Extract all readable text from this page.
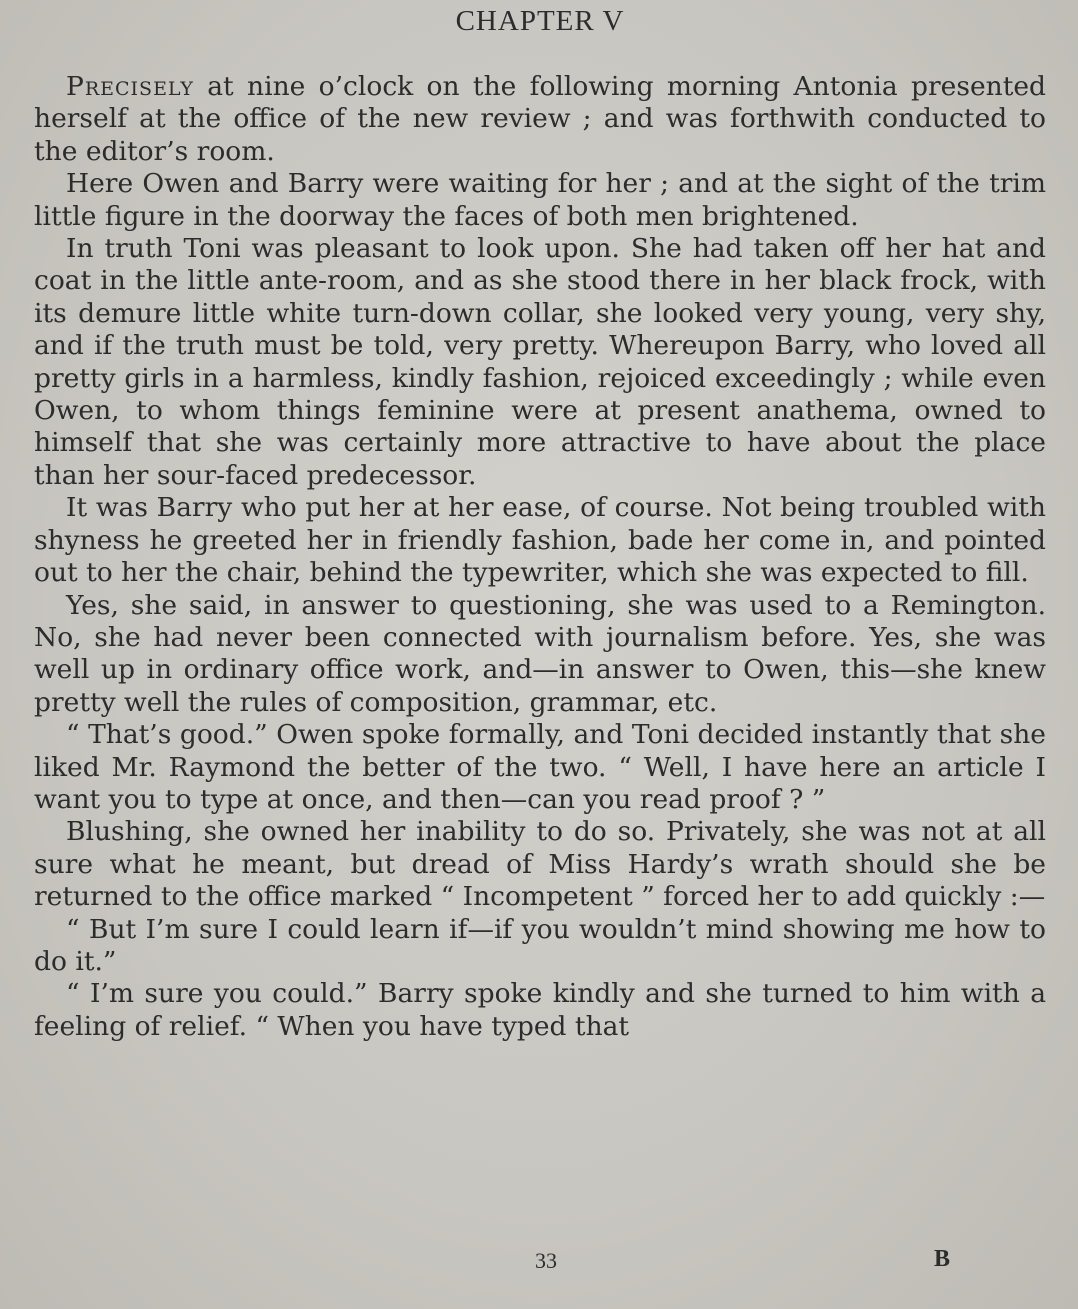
CHAPTER V

Precisely at nine o’clock on the following morning Antonia presented herself at the office of the new review ; and was forthwith conducted to the editor’s room.

Here Owen and Barry were waiting for her ; and at the sight of the trim little figure in the doorway the faces of both men brightened.

In truth Toni was pleasant to look upon. She had taken off her hat and coat in the little ante-room, and as she stood there in her black frock, with its demure little white turn-down collar, she looked very young, very shy, and if the truth must be told, very pretty. Whereupon Barry, who loved all pretty girls in a harmless, kindly fashion, rejoiced exceedingly ; while even Owen, to whom things feminine were at present anathema, owned to himself that she was certainly more attractive to have about the place than her sour-faced predecessor.

It was Barry who put her at her ease, of course. Not being troubled with shyness he greeted her in friendly fashion, bade her come in, and pointed out to her the chair, behind the typewriter, which she was expected to fill.

Yes, she said, in answer to questioning, she was used to a Remington. No, she had never been connected with journalism before. Yes, she was well up in ordinary office work, and—in answer to Owen, this—she knew pretty well the rules of composition, grammar, etc.

“ That’s good.” Owen spoke formally, and Toni decided instantly that she liked Mr. Raymond the better of the two. “ Well, I have here an article I want you to type at once, and then—can you read proof ? ”

Blushing, she owned her inability to do so. Privately, she was not at all sure what he meant, but dread of Miss Hardy’s wrath should she be returned to the office marked “ Incompetent ” forced her to add quickly :—

“ But I’m sure I could learn if—if you wouldn’t mind showing me how to do it.”

“ I’m sure you could.” Barry spoke kindly and she turned to him with a feeling of relief. “ When you have typed that

33	B
